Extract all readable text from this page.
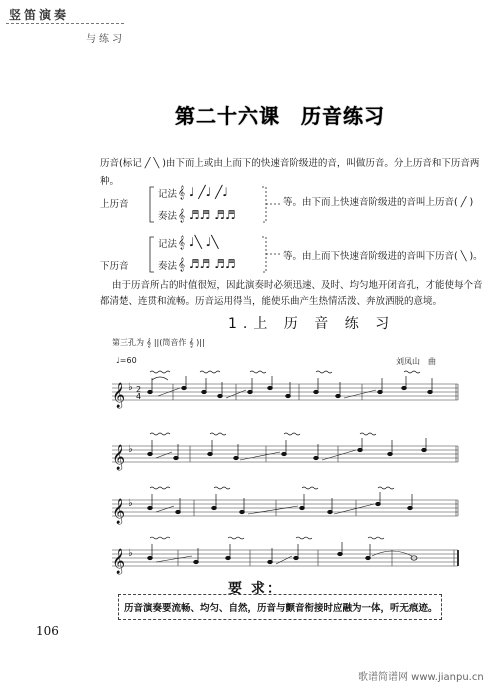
竖笛演奏
与练习
第二十六课　历音练习
历音(标记 ╱ ╲ )由下而上或由上而下的快速音阶级进的音，叫做历音。分上历音和下历音两
种。
上历音
记法
奏法
等。由下而上快速音阶级进的音叫上历音( ╱ )
下历音
记法
奏法
等。由上而下快速音阶级进的音叫下历音( ╲ )。
由于历音所占的时值很短，因此演奏时必须迅速、及时、均匀地开闭音孔，才能使每个音
都清楚、连贯和流畅。历音运用得当，能使乐曲产生热情活泼、奔放洒脱的意境。
1.上 历 音 练 习
第三孔为 𝄞 ||(筒音作 𝄞 )||
♩=60	刘凤山　曲
要 求：
历音演奏要流畅、均匀、自然，历音与颤音衔接时应融为一体，听无痕迹。
106
歌谱简谱网 www.jianpu.cn
𝄞 ♩ ╱♩ ╱♩
𝄞 ♬♬ ♬♬
𝄞 ♩╲ ♩╲
𝄞 ♬♬ ♬♬
𝄞
𝄞
𝄞
𝄞
♭
♭
♭
♭
2
4
